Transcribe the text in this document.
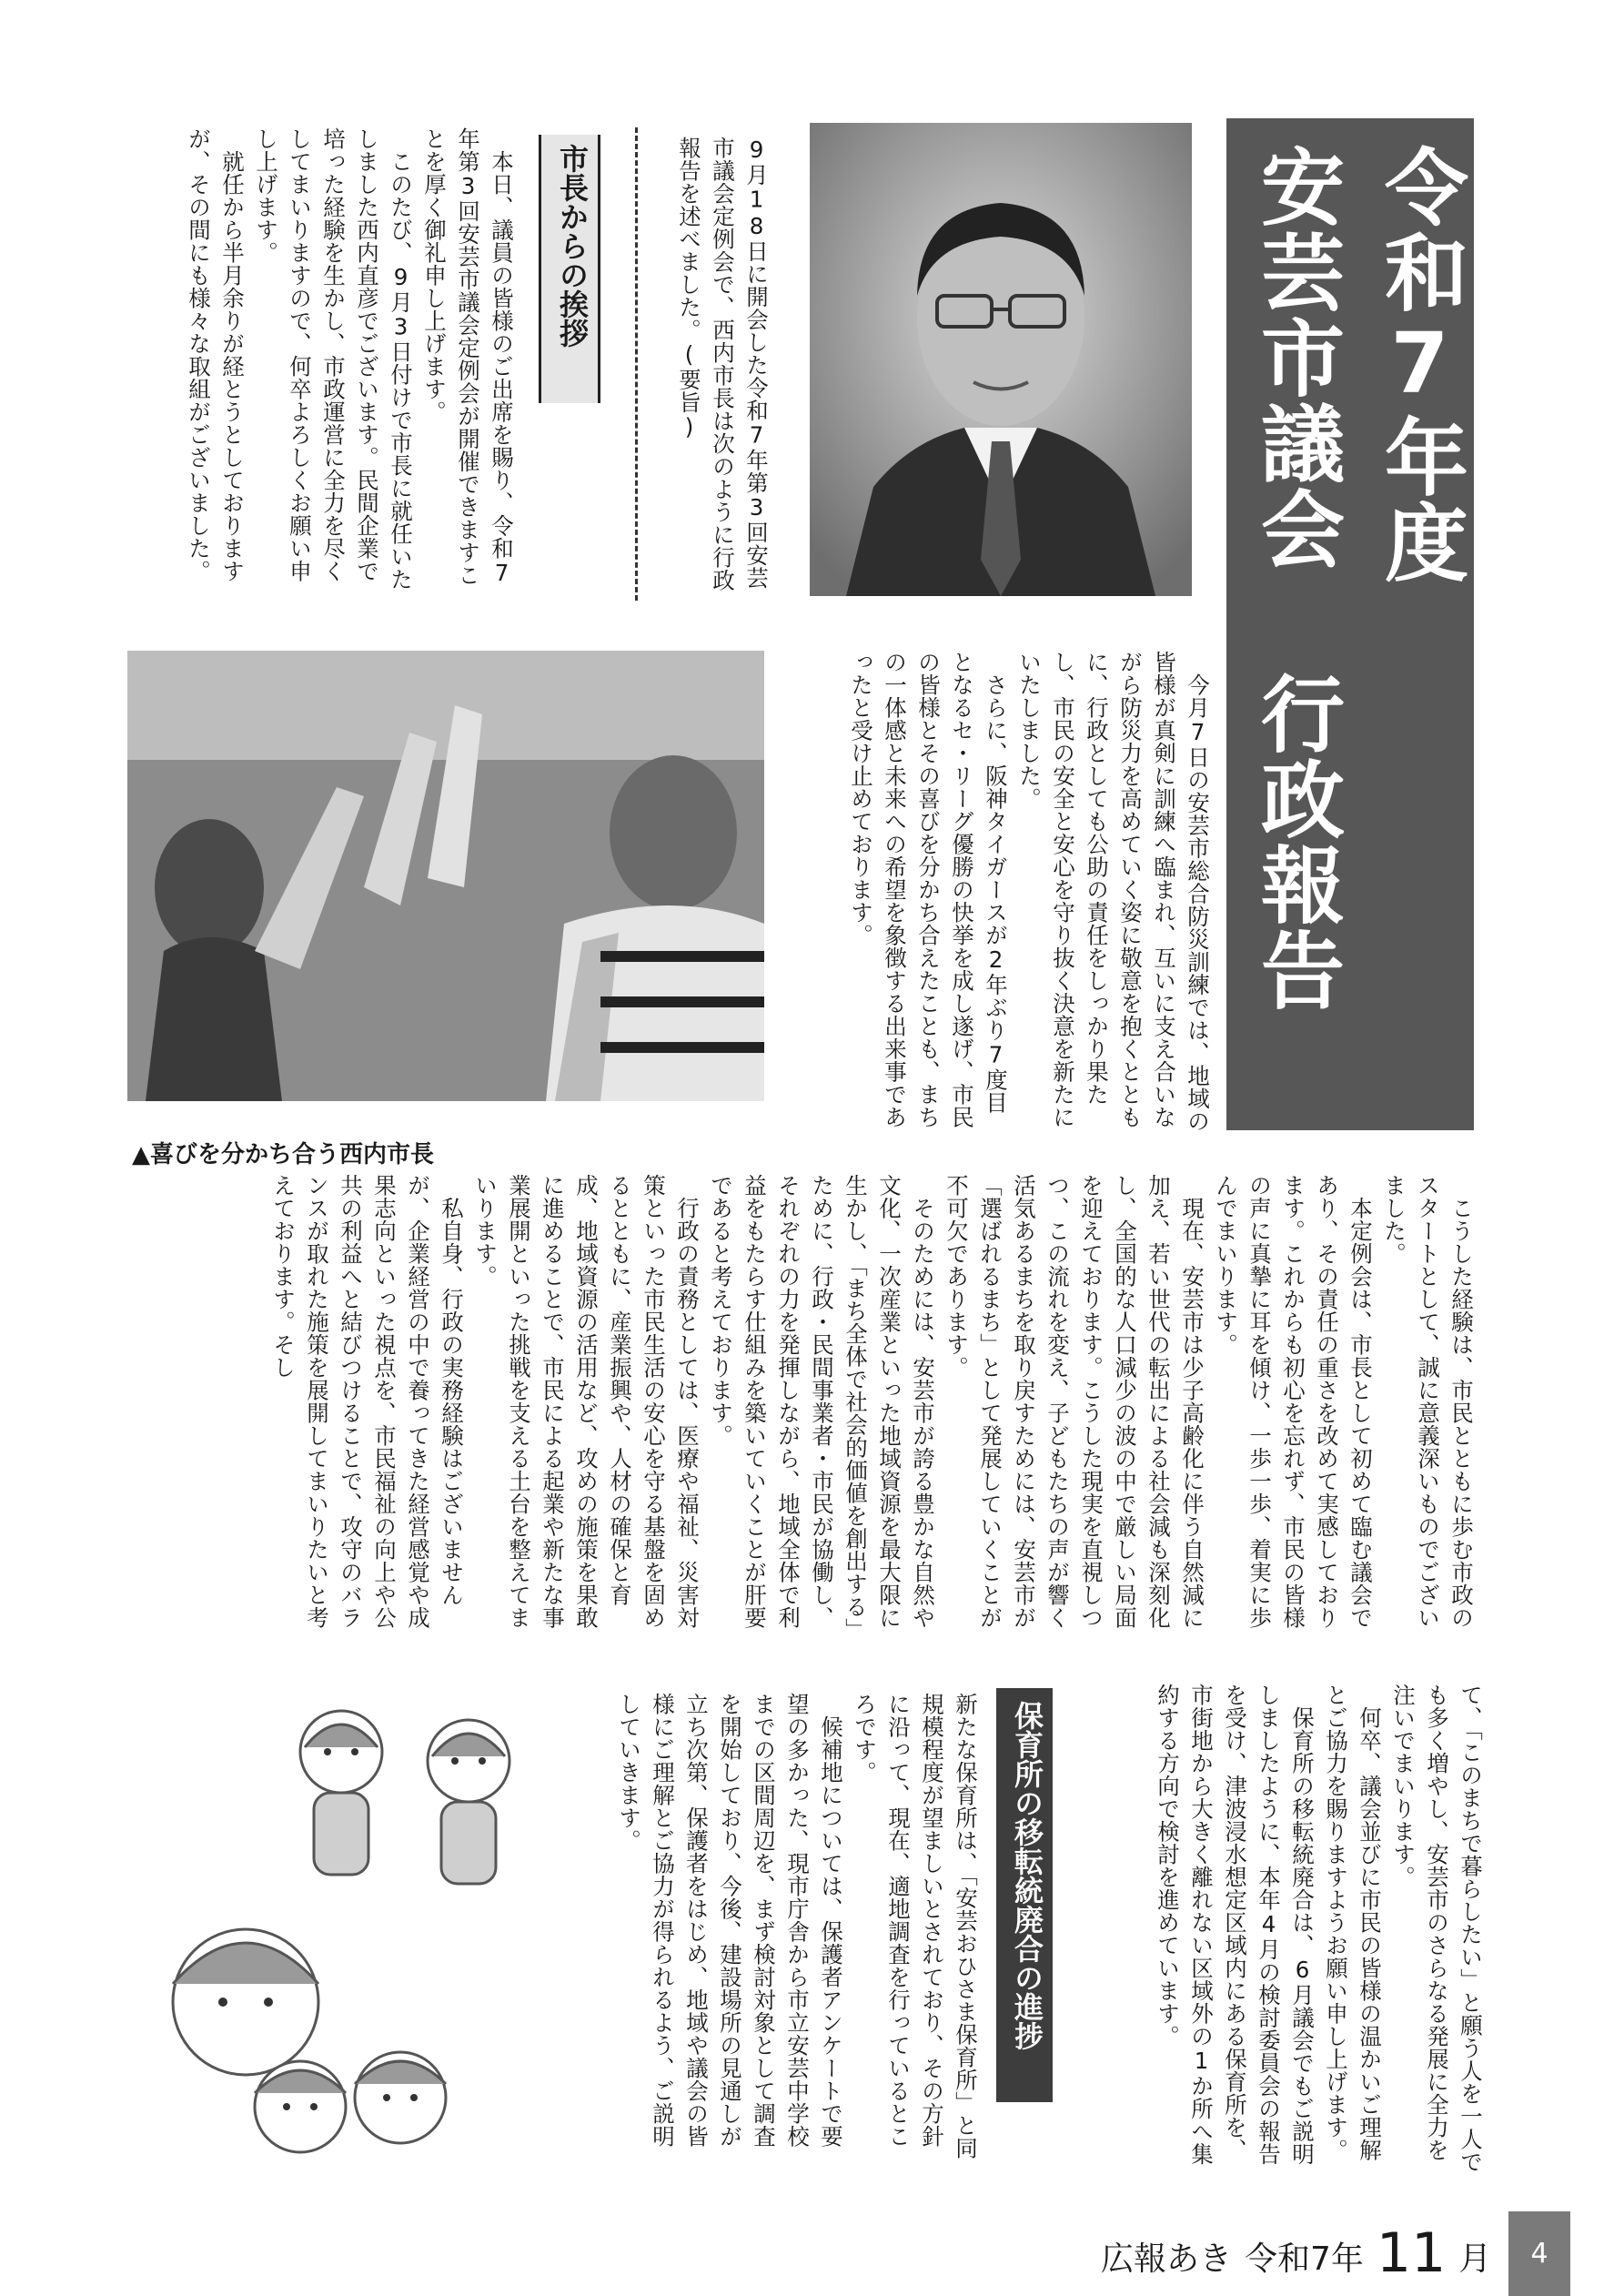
令和7年度

安芸市議会 行政報告

9月18日に開会した令和7年第3回安芸市議会定例会で、西内市長は次のように行政報告を述べました。(要旨)

市長からの挨拶

　本日、議員の皆様のご出席を賜り、令和7年第3回安芸市議会定例会が開催できますことを厚く御礼申し上げます。
　このたび、9月3日付けで市長に就任いたしました西内直彦でございます。民間企業で培った経験を生かし、市政運営に全力を尽くしてまいりますので、何卒よろしくお願い申し上げます。
　就任から半月余りが経とうとしておりますが、その間にも様々な取組がございました。

▲喜びを分かち合う西内市長

　今月7日の安芸市総合防災訓練では、地域の皆様が真剣に訓練へ臨まれ、互いに支え合いながら防災力を高めていく姿に敬意を抱くとともに、行政としても公助の責任をしっかり果たし、市民の安全と安心を守り抜く決意を新たにいたしました。
　さらに、阪神タイガースが2年ぶり7度目となるセ・リーグ優勝の快挙を成し遂げ、市民の皆様とその喜びを分かち合えたことも、まちの一体感と未来への希望を象徴する出来事であったと受け止めております。

　こうした経験は、市民とともに歩む市政のスタートとして、誠に意義深いものでございました。
　本定例会は、市長として初めて臨む議会であり、その責任の重さを改めて実感しております。これからも初心を忘れず、市民の皆様の声に真摯に耳を傾け、一歩一歩、着実に歩んでまいります。
　現在、安芸市は少子高齢化に伴う自然減に加え、若い世代の転出による社会減も深刻化し、全国的な人口減少の波の中で厳しい局面を迎えております。こうした現実を直視しつつ、この流れを変え、子どもたちの声が響く活気あるまちを取り戻すためには、安芸市が「選ばれるまち」として発展していくことが不可欠であります。
　そのためには、安芸市が誇る豊かな自然や文化、一次産業といった地域資源を最大限に生かし、「まち全体で社会的価値を創出する」ために、行政・民間事業者・市民が協働し、それぞれの力を発揮しながら、地域全体で利益をもたらす仕組みを築いていくことが肝要であると考えております。
　行政の責務としては、医療や福祉、災害対策といった市民生活の安心を守る基盤を固めるとともに、産業振興や、人材の確保と育成、地域資源の活用など、攻めの施策を果敢に進めることで、市民による起業や新たな事業展開といった挑戦を支える土台を整えてまいります。
　私自身、行政の実務経験はございませんが、企業経営の中で養ってきた経営感覚や成果志向といった視点を、市民福祉の向上や公共の利益へと結びつけることで、攻守のバランスが取れた施策を展開してまいりたいと考えております。そし

て、「このまちで暮らしたい」と願う人を一人でも多く増やし、安芸市のさらなる発展に全力を注いでまいります。
　何卒、議会並びに市民の皆様の温かいご理解とご協力を賜りますようお願い申し上げます。
　保育所の移転統廃合は、6月議会でもご説明しましたように、本年4月の検討委員会の報告を受け、津波浸水想定区域内にある保育所を、市街地から大きく離れない区域外の1か所へ集約する方向で検討を進めています。

保育所の移転統廃合の進捗

新たな保育所は、「安芸おひさま保育所」と同規模程度が望ましいとされており、その方針に沿って、現在、適地調査を行っているところです。
　候補地については、保護者アンケートで要望の多かった、現市庁舎から市立安芸中学校までの区間周辺を、まず検討対象として調査を開始しており、今後、建設場所の見通しが立ち次第、保護者をはじめ、地域や議会の皆様にご理解とご協力が得られるよう、ご説明していきます。

広報あき 令和7年 11 月 4
